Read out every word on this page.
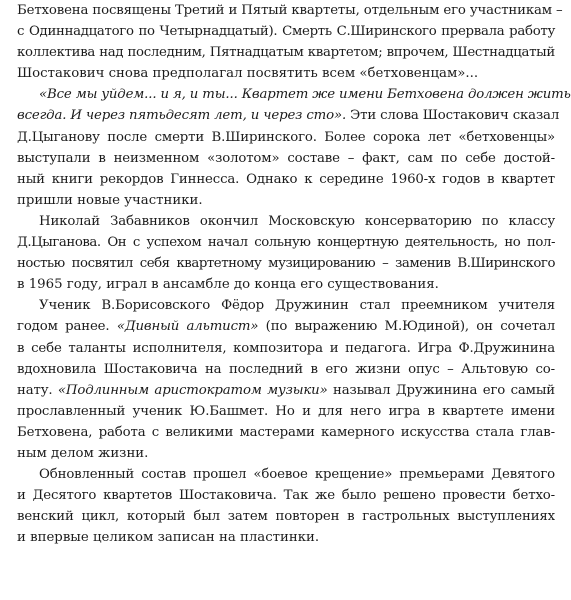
Бетховена посвящены Третий и Пятый квартеты, отдельным его участникам –
с Одиннадцатого по Четырнадцатый). Смерть С.Ширинского прервала работу
коллектива над последним, Пятнадцатым квартетом; впрочем, Шестнадцатый
Шостакович снова предполагал посвятить всем «бетховенцам»...
«Все мы уйдем... и я, и ты... Квартет же имени Бетховена должен жить
всегда. И через пятьдесят лет, и через сто». Эти слова Шостакович сказал
Д.Цыганову после смерти В.Ширинского. Более сорока лет «бетховенцы»
выступали в неизменном «золотом» составе – факт, сам по себе достой-
ный книги рекордов Гиннесса. Однако к середине 1960-х годов в квартет
пришли новые участники.
Николай Забавников окончил Московскую консерваторию по классу
Д.Цыганова. Он с успехом начал сольную концертную деятельность, но пол-
ностью посвятил себя квартетному музицированию – заменив В.Ширинского
в 1965 году, играл в ансамбле до конца его существования.
Ученик В.Борисовского Фёдор Дружинин стал преемником учителя
годом ранее. «Дивный альтист» (по выражению М.Юдиной), он сочетал
в себе таланты исполнителя, композитора и педагога. Игра Ф.Дружинина
вдохновила Шостаковича на последний в его жизни опус – Альтовую со-
нату. «Подлинным аристократом музыки» называл Дружинина его самый
прославленный ученик Ю.Башмет. Но и для него игра в квартете имени
Бетховена, работа с великими мастерами камерного искусства стала глав-
ным делом жизни.
Обновленный состав прошел «боевое крещение» премьерами Девятого
и Десятого квартетов Шостаковича. Так же было решено провести бетхо-
венский цикл, который был затем повторен в гастрольных выступлениях
и впервые целиком записан на пластинки.
